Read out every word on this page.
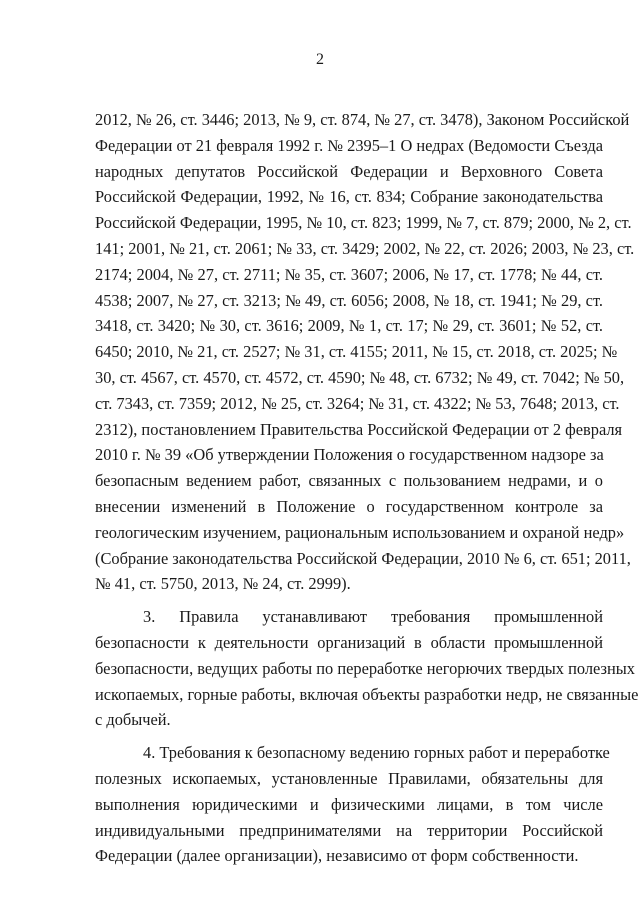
2
2012, № 26, ст. 3446; 2013, № 9, ст. 874, № 27, ст. 3478), Законом Российской
Федерации от 21 февраля 1992 г. № 2395–1 О недрах (Ведомости Съезда
народных депутатов Российской Федерации и Верховного Совета
Российской Федерации, 1992, № 16, ст. 834; Собрание законодательства
Российской Федерации, 1995, № 10, ст. 823; 1999, № 7, ст. 879; 2000, № 2, ст.
141; 2001, № 21, ст. 2061; № 33, ст. 3429; 2002, № 22, ст. 2026; 2003, № 23, ст.
2174; 2004, № 27, ст. 2711; № 35, ст. 3607; 2006, № 17, ст. 1778; № 44, ст.
4538; 2007, № 27, ст. 3213; № 49, ст. 6056; 2008, № 18, ст. 1941; № 29, ст.
3418, ст. 3420; № 30, ст. 3616; 2009, № 1, ст. 17; № 29, ст. 3601; № 52, ст.
6450; 2010, № 21, ст. 2527; № 31, ст. 4155; 2011, № 15, ст. 2018, ст. 2025; №
30, ст. 4567, ст. 4570, ст. 4572, ст. 4590; № 48, ст. 6732; № 49, ст. 7042; № 50,
ст. 7343, ст. 7359; 2012, № 25, ст. 3264; № 31, ст. 4322; № 53, 7648; 2013, ст.
2312), постановлением Правительства Российской Федерации от 2 февраля
2010 г. № 39 «Об утверждении Положения о государственном надзоре за
безопасным ведением работ, связанных с пользованием недрами, и о
внесении изменений в Положение о государственном контроле за
геологическим изучением, рациональным использованием и охраной недр»
(Собрание законодательства Российской Федерации, 2010 № 6, ст. 651; 2011,
№ 41, ст. 5750, 2013, № 24, ст. 2999).
3. Правила устанавливают требования промышленной
безопасности к деятельности организаций в области промышленной
безопасности, ведущих работы по переработке негорючих твердых полезных
ископаемых, горные работы, включая объекты разработки недр, не связанные
с добычей.
4. Требования к безопасному ведению горных работ и переработке
полезных ископаемых, установленные Правилами, обязательны для
выполнения юридическими и физическими лицами, в том числе
индивидуальными предпринимателями на территории Российской
Федерации (далее организации), независимо от форм собственности.
